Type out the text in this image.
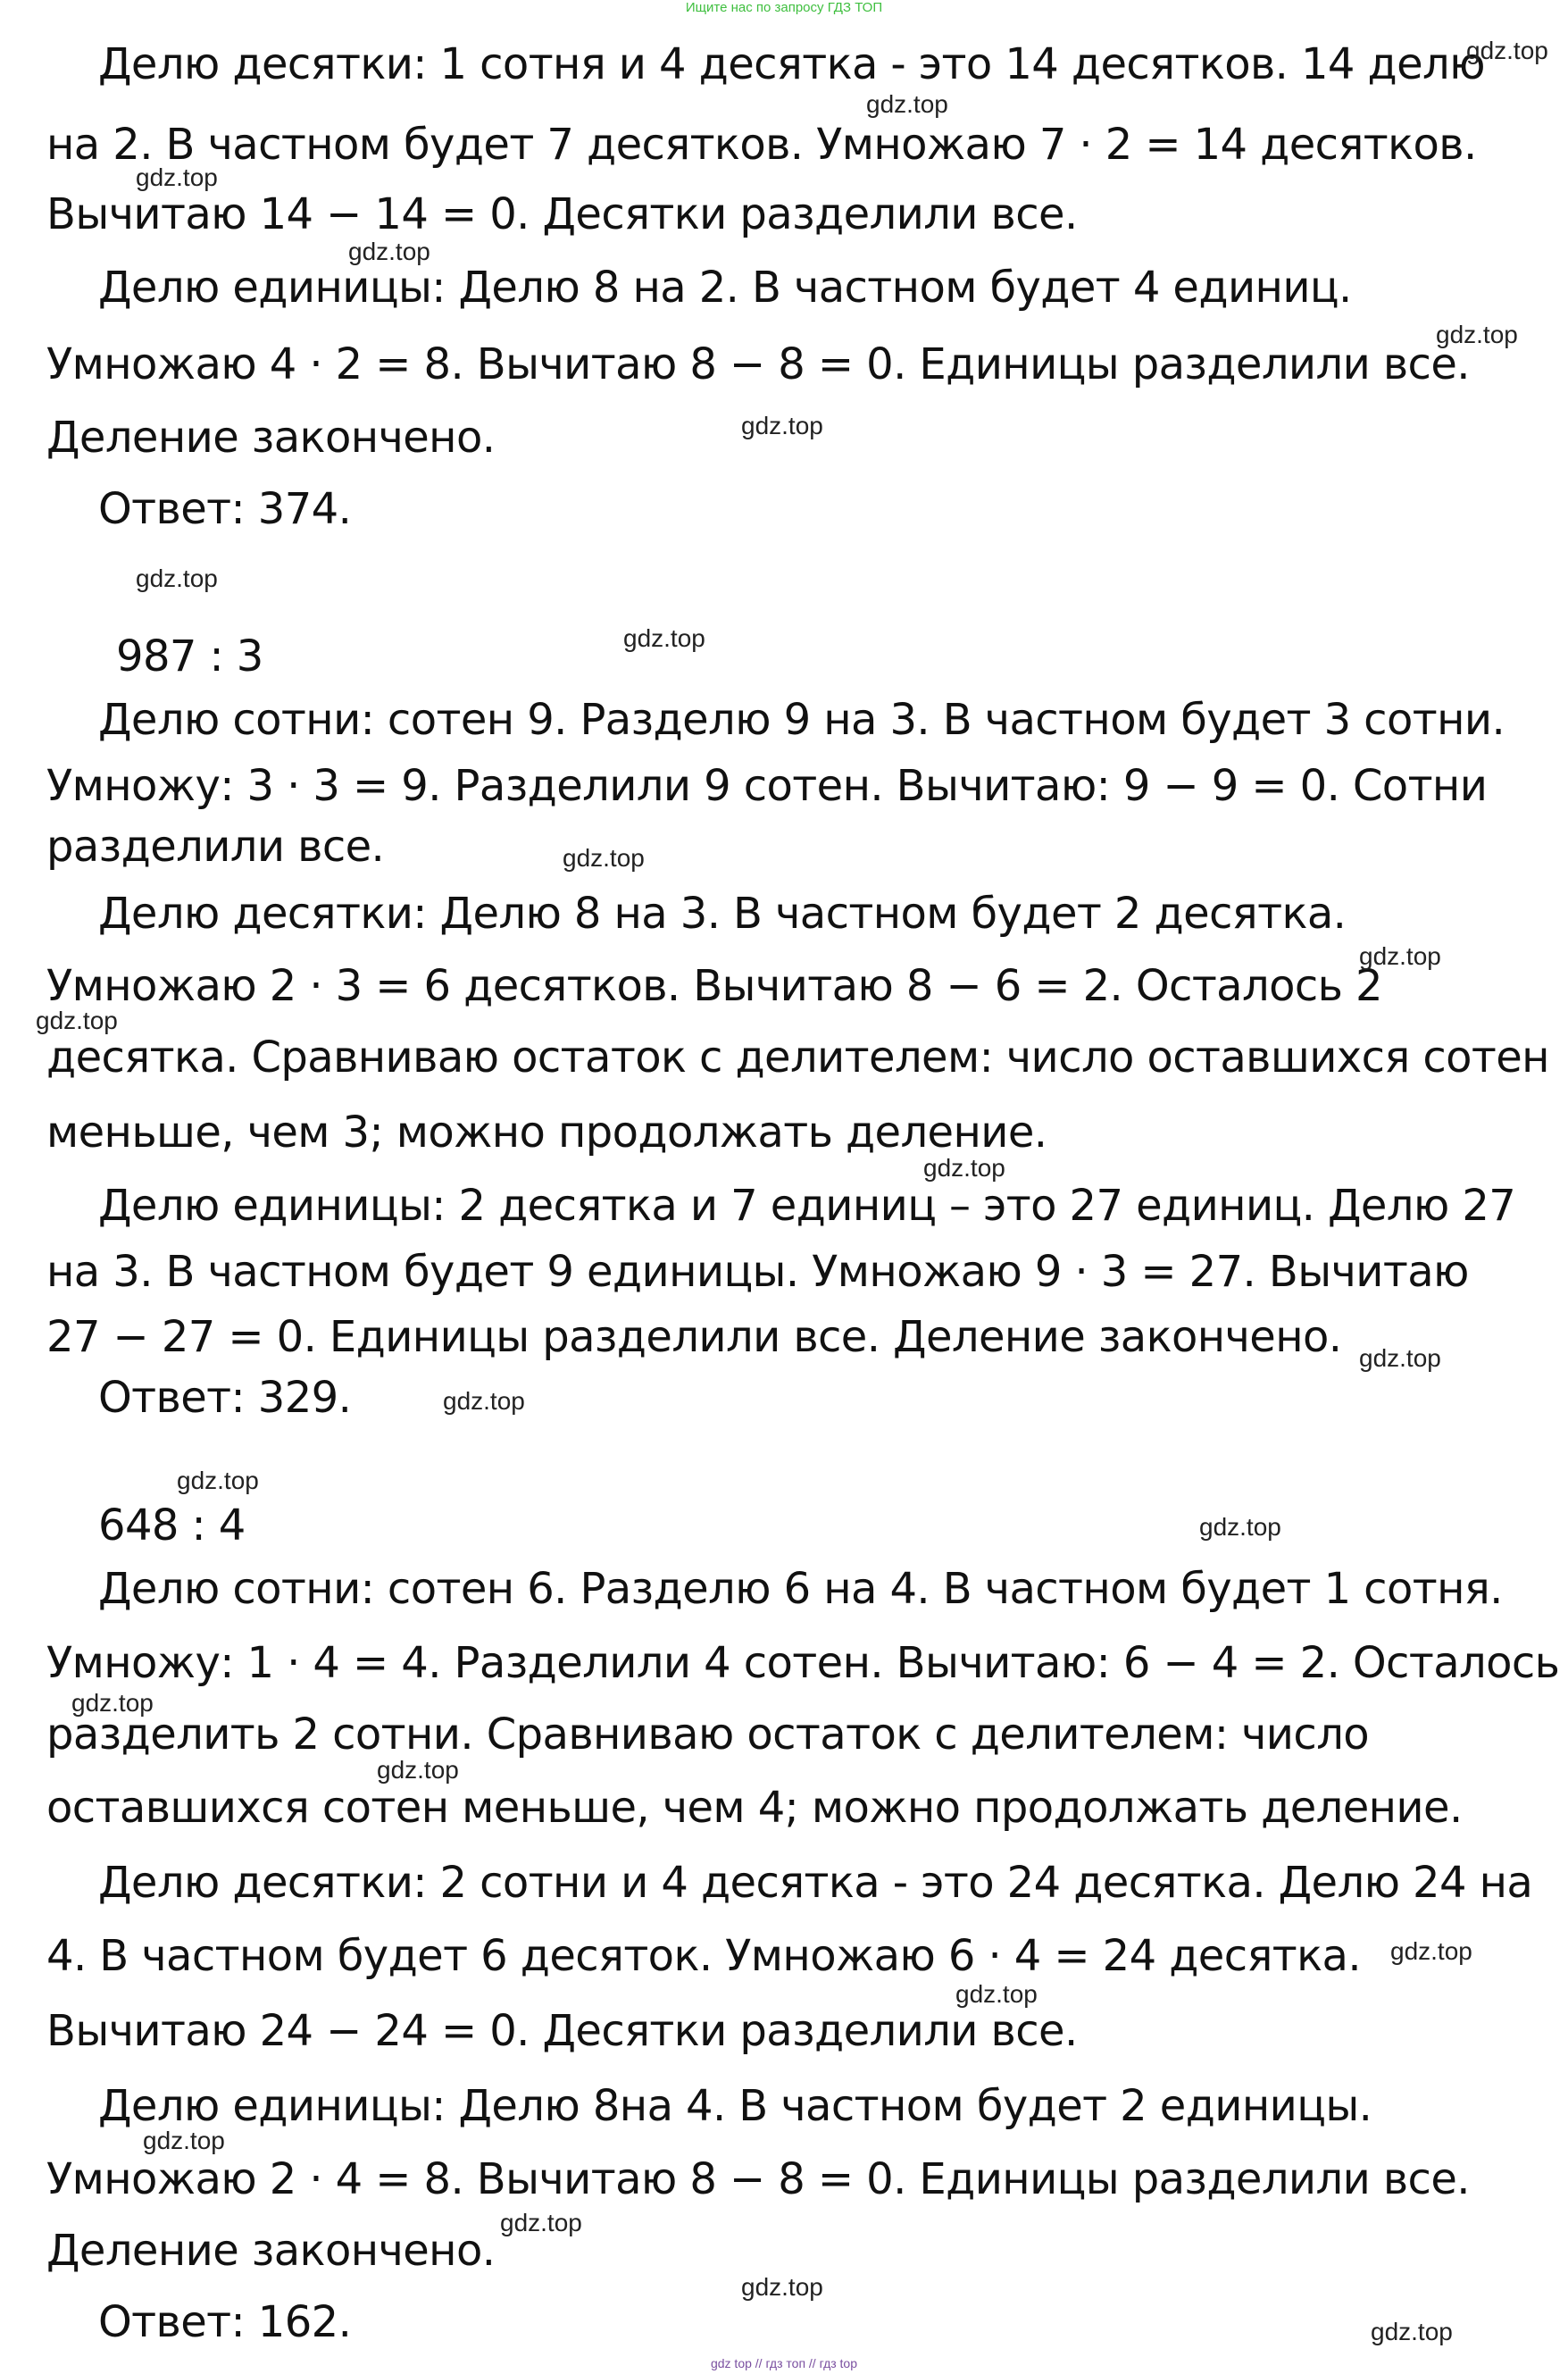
Ищите нас по запросу ГДЗ ТОП
Делю десятки: 1 сотня и 4 десятка - это 14 десятков. 14 делю
на 2. В частном будет 7 десятков. Умножаю 7 · 2 = 14 десятков.
Вычитаю 14 − 14 = 0. Десятки разделили все.
Делю единицы: Делю 8 на 2. В частном будет 4 единиц.
Умножаю 4 · 2 = 8. Вычитаю 8 − 8 = 0. Единицы разделили все.
Деление закончено.
Ответ: 374.
987 : 3
Делю сотни: сотен 9. Разделю 9 на 3. В частном будет 3 сотни.
Умножу: 3 · 3 = 9. Разделили 9 сотен. Вычитаю: 9 − 9 = 0. Сотни
разделили все.
Делю десятки: Делю 8 на 3. В частном будет 2 десятка.
Умножаю 2 · 3 = 6 десятков. Вычитаю 8 − 6 = 2. Осталось 2
десятка. Сравниваю остаток с делителем: число оставшихся сотен
меньше, чем 3; можно продолжать деление.
Делю единицы: 2 десятка и 7 единиц – это 27 единиц. Делю 27
на 3. В частном будет 9 единицы. Умножаю 9 · 3 = 27. Вычитаю
27 − 27 = 0. Единицы разделили все. Деление закончено.
Ответ: 329.
648 : 4
Делю сотни: сотен 6. Разделю 6 на 4. В частном будет 1 сотня.
Умножу: 1 · 4 = 4. Разделили 4 сотен. Вычитаю: 6 − 4 = 2. Осталось
разделить 2 сотни. Сравниваю остаток с делителем: число
оставшихся сотен меньше, чем 4; можно продолжать деление.
Делю десятки: 2 сотни и 4 десятка - это 24 десятка. Делю 24 на
4. В частном будет 6 десяток. Умножаю 6 · 4 = 24 десятка.
Вычитаю 24 − 24 = 0. Десятки разделили все.
Делю единицы: Делю 8на 4. В частном будет 2 единицы.
Умножаю 2 · 4 = 8. Вычитаю 8 − 8 = 0. Единицы разделили все.
Деление закончено.
Ответ: 162.
gdz.top
gdz.top
gdz.top
gdz.top
gdz.top
gdz.top
gdz.top
gdz.top
gdz.top
gdz.top
gdz.top
gdz.top
gdz.top
gdz.top
gdz.top
gdz.top
gdz.top
gdz.top
gdz.top
gdz.top
gdz.top
gdz.top
gdz.top
gdz.top
gdz top // гдз топ // гдз top
